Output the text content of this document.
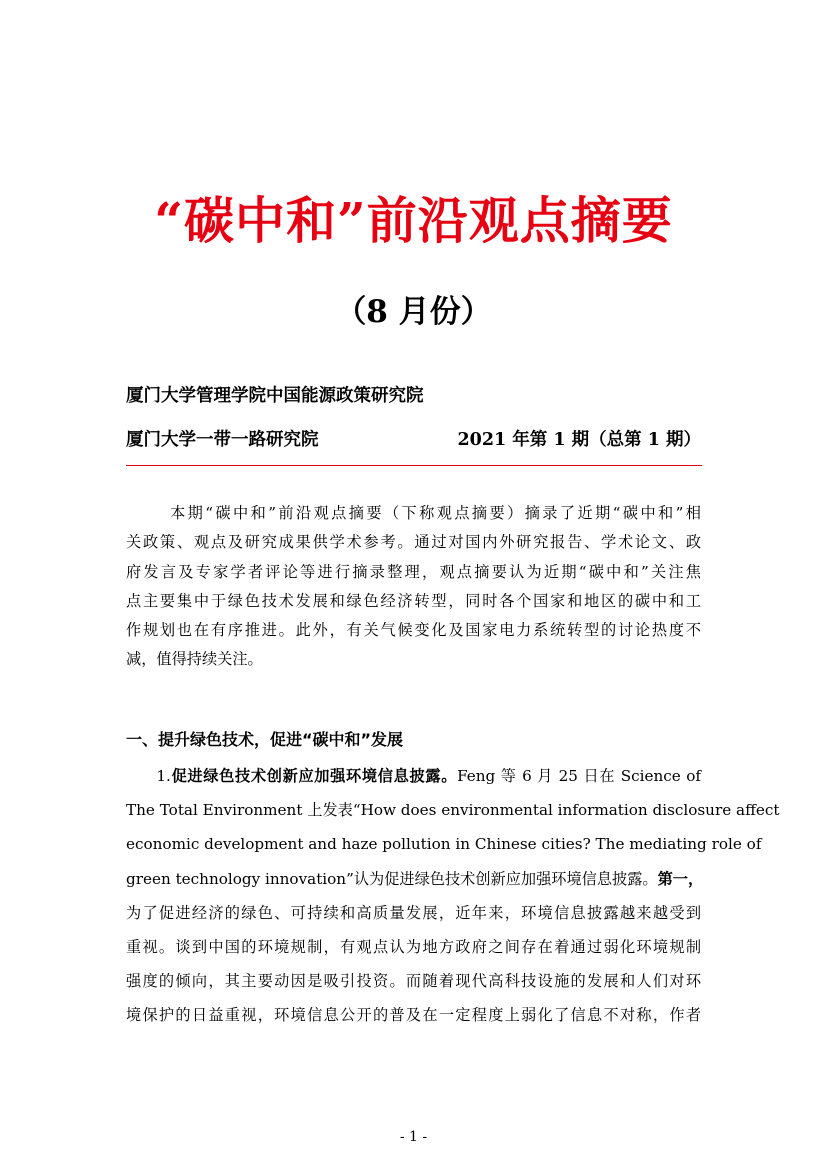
“碳中和”前沿观点摘要
（8 月份）
厦门大学管理学院中国能源政策研究院
厦门大学一带一路研究院	2021 年第 1 期（总第 1 期）
本期“碳中和”前沿观点摘要（下称观点摘要）摘录了近期“碳中和”相
关政策、观点及研究成果供学术参考。通过对国内外研究报告、学术论文、政
府发言及专家学者评论等进行摘录整理，观点摘要认为近期“碳中和”关注焦
点主要集中于绿色技术发展和绿色经济转型，同时各个国家和地区的碳中和工
作规划也在有序推进。此外，有关气候变化及国家电力系统转型的讨论热度不
减，值得持续关注。
一、提升绿色技术，促进“碳中和”发展
1.促进绿色技术创新应加强环境信息披露。Feng 等 6 月 25 日在 Science of
The Total Environment 上发表“How does environmental information disclosure affect
economic development and haze pollution in Chinese cities? The mediating role of
green technology innovation”认为促进绿色技术创新应加强环境信息披露。第一，
为了促进经济的绿色、可持续和高质量发展，近年来，环境信息披露越来越受到
重视。谈到中国的环境规制，有观点认为地方政府之间存在着通过弱化环境规制
强度的倾向，其主要动因是吸引投资。而随着现代高科技设施的发展和人们对环
境保护的日益重视，环境信息公开的普及在一定程度上弱化了信息不对称，作者
- 1 -
